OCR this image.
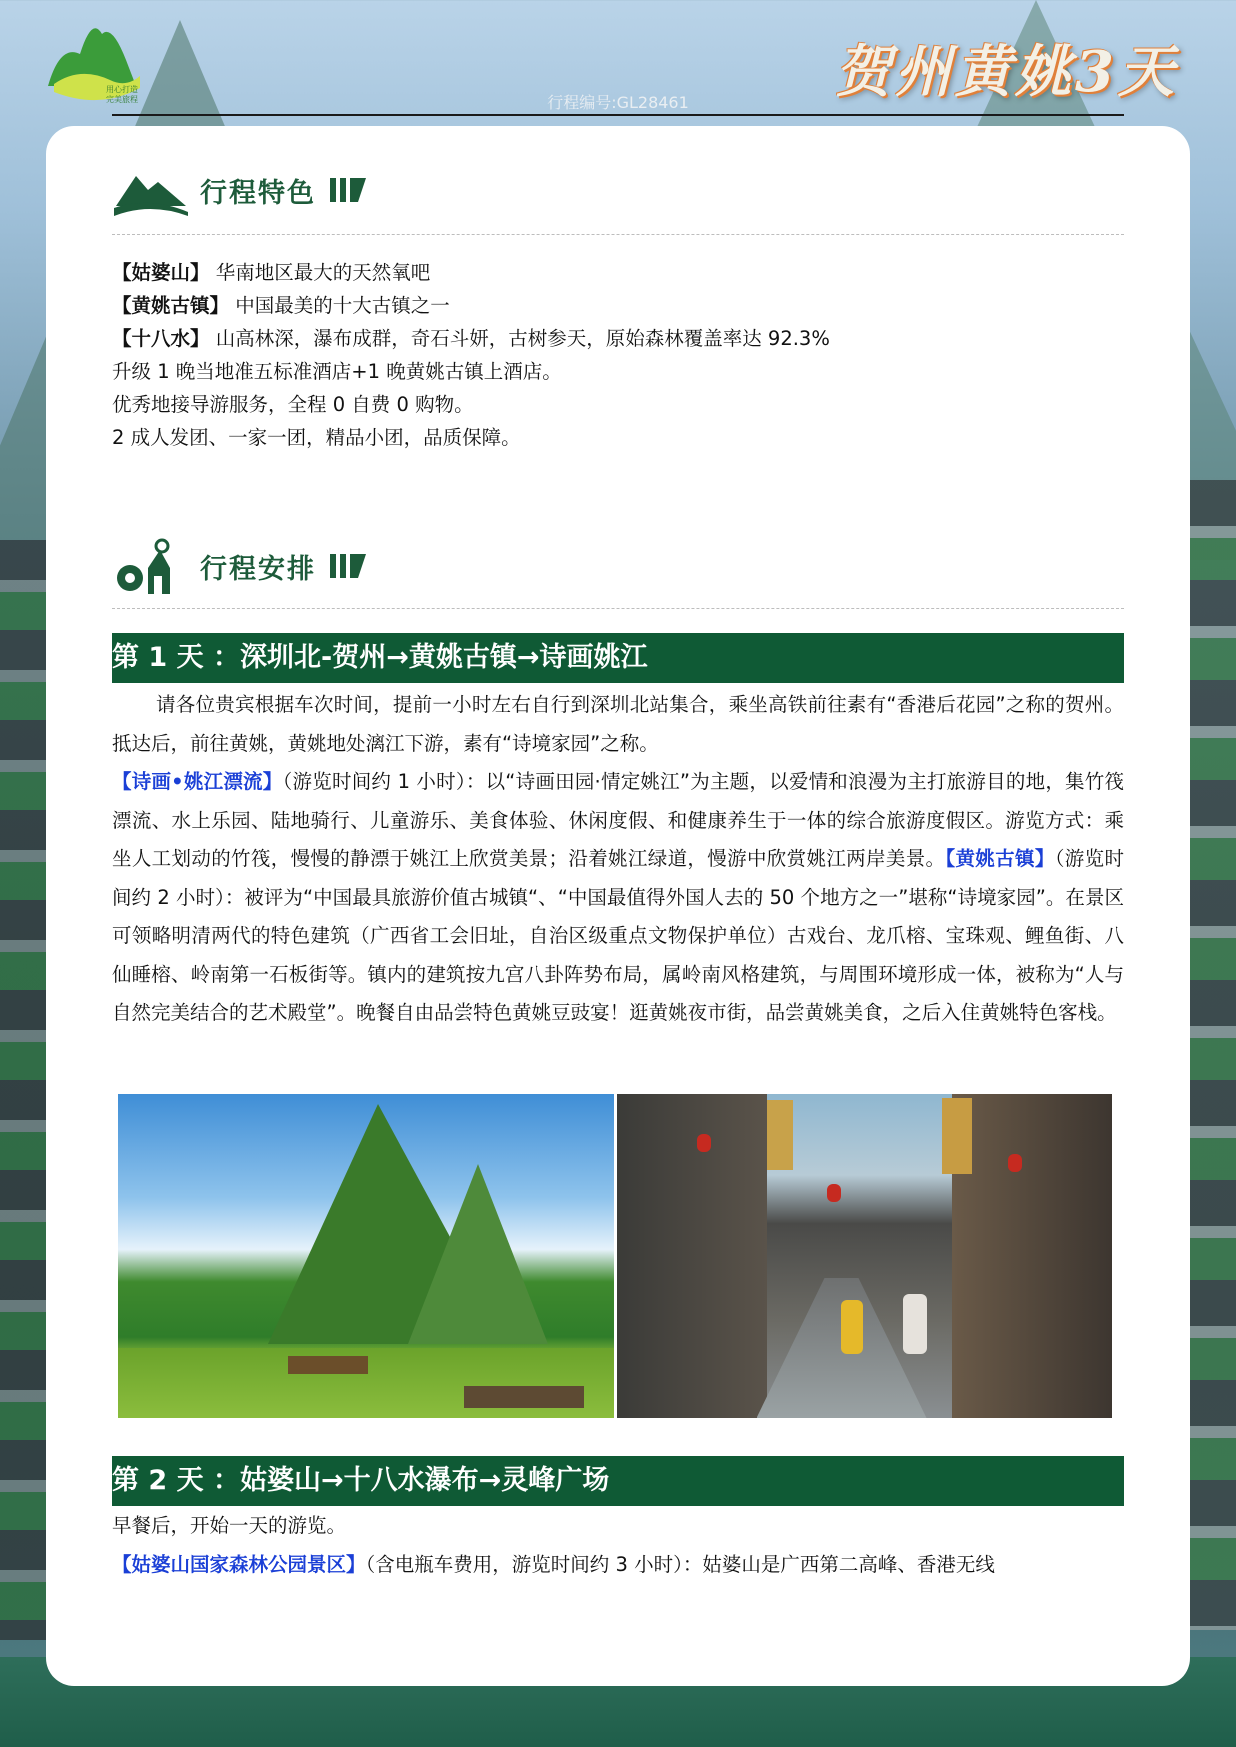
用心打造
完美旅程	行程编号:GL28461	贺州黄姚3天
行程特色
【姑婆山】 华南地区最大的天然氧吧
【黄姚古镇】 中国最美的十大古镇之一
【十八水】 山高林深，瀑布成群，奇石斗妍，古树参天，原始森林覆盖率达 92.3%
升级 1 晚当地准五标准酒店+1 晚黄姚古镇上酒店。
优秀地接导游服务，全程 0 自费 0 购物。
2 成人发团、一家一团，精品小团，品质保障。
行程安排
第 1 天 ：深圳北-贺州→黄姚古镇→诗画姚江

请各位贵宾根据车次时间，提前一小时左右自行到深圳北站集合，乘坐高铁前往素有“香港后花园”之称的贺州。抵达后，前往黄姚，黄姚地处漓江下游，素有“诗境家园”之称。

【诗画•姚江漂流】（游览时间约 1 小时）：以“诗画田园·情定姚江”为主题，以爱情和浪漫为主打旅游目的地，集竹筏漂流、水上乐园、陆地骑行、儿童游乐、美食体验、休闲度假、和健康养生于一体的综合旅游度假区。游览方式：乘坐人工划动的竹筏，慢慢的静漂于姚江上欣赏美景；沿着姚江绿道，慢游中欣赏姚江两岸美景。【黄姚古镇】（游览时间约 2 小时）：被评为“中国最具旅游价值古城镇“、“中国最值得外国人去的 50 个地方之一”堪称“诗境家园”。在景区可领略明清两代的特色建筑（广西省工会旧址，自治区级重点文物保护单位）古戏台、龙爪榕、宝珠观、鲤鱼街、八仙睡榕、岭南第一石板街等。镇内的建筑按九宫八卦阵势布局，属岭南风格建筑，与周围环境形成一体，被称为“人与自然完美结合的艺术殿堂”。晚餐自由品尝特色黄姚豆豉宴！逛黄姚夜市街，品尝黄姚美食，之后入住黄姚特色客栈。

第 2 天 ：姑婆山→十八水瀑布→灵峰广场

早餐后，开始一天的游览。

【姑婆山国家森林公园景区】（含电瓶车费用，游览时间约 3 小时）：姑婆山是广西第二高峰、香港无线
